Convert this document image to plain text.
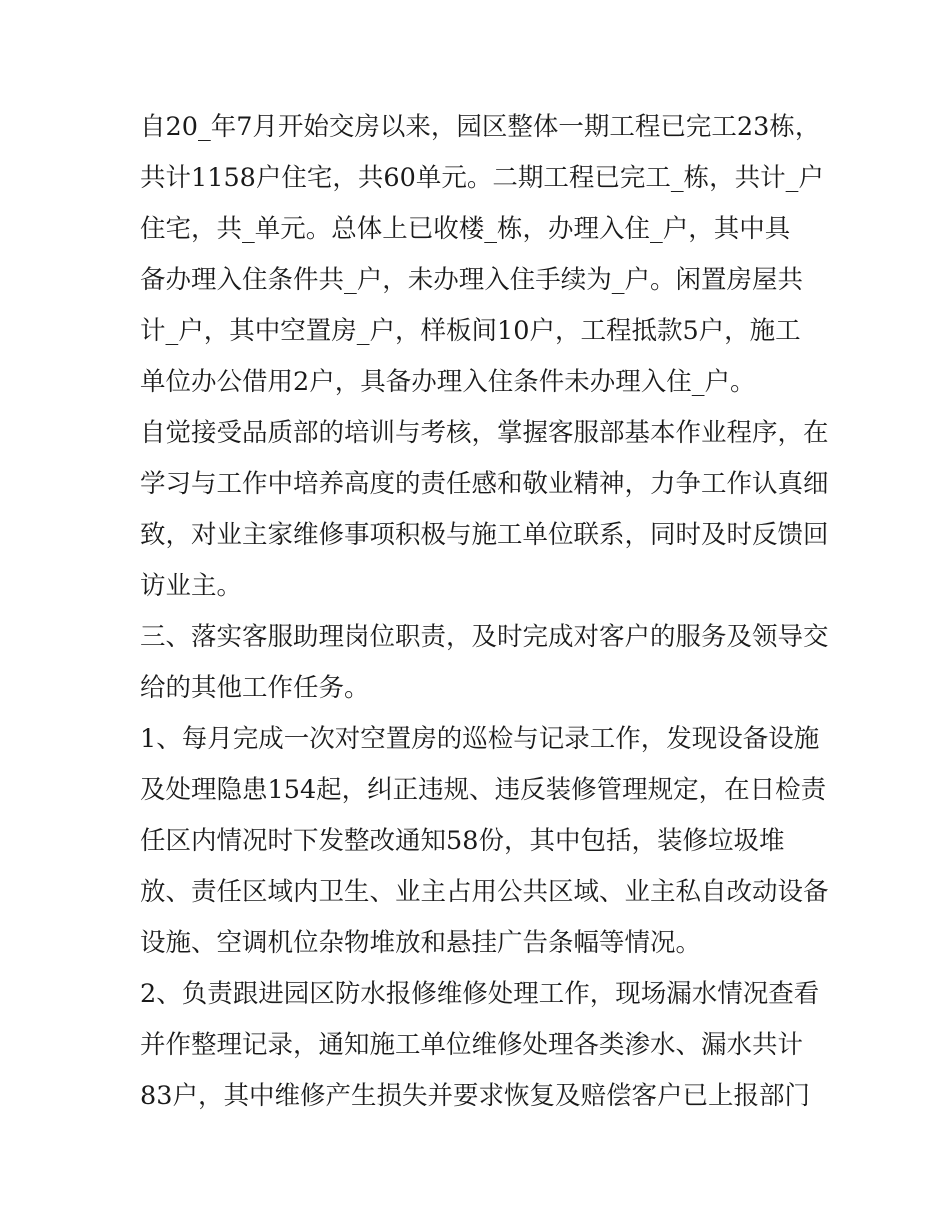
自20_年7月开始交房以来，园区整体一期工程已完工23栋，
共计1158户住宅，共60单元。二期工程已完工_栋，共计_户
住宅，共_单元。总体上已收楼_栋，办理入住_户，其中具
备办理入住条件共_户，未办理入住手续为_户。闲置房屋共
计_户，其中空置房_户，样板间10户，工程抵款5户，施工
单位办公借用2户，具备办理入住条件未办理入住_户。
自觉接受品质部的培训与考核，掌握客服部基本作业程序，在
学习与工作中培养高度的责任感和敬业精神，力争工作认真细
致，对业主家维修事项积极与施工单位联系，同时及时反馈回
访业主。
三、落实客服助理岗位职责，及时完成对客户的服务及领导交
给的其他工作任务。
1、每月完成一次对空置房的巡检与记录工作，发现设备设施
及处理隐患154起，纠正违规、违反装修管理规定，在日检责
任区内情况时下发整改通知58份，其中包括，装修垃圾堆
放、责任区域内卫生、业主占用公共区域、业主私自改动设备
设施、空调机位杂物堆放和悬挂广告条幅等情况。
2、负责跟进园区防水报修维修处理工作，现场漏水情况查看
并作整理记录，通知施工单位维修处理各类渗水、漏水共计
83户，其中维修产生损失并要求恢复及赔偿客户已上报部门
